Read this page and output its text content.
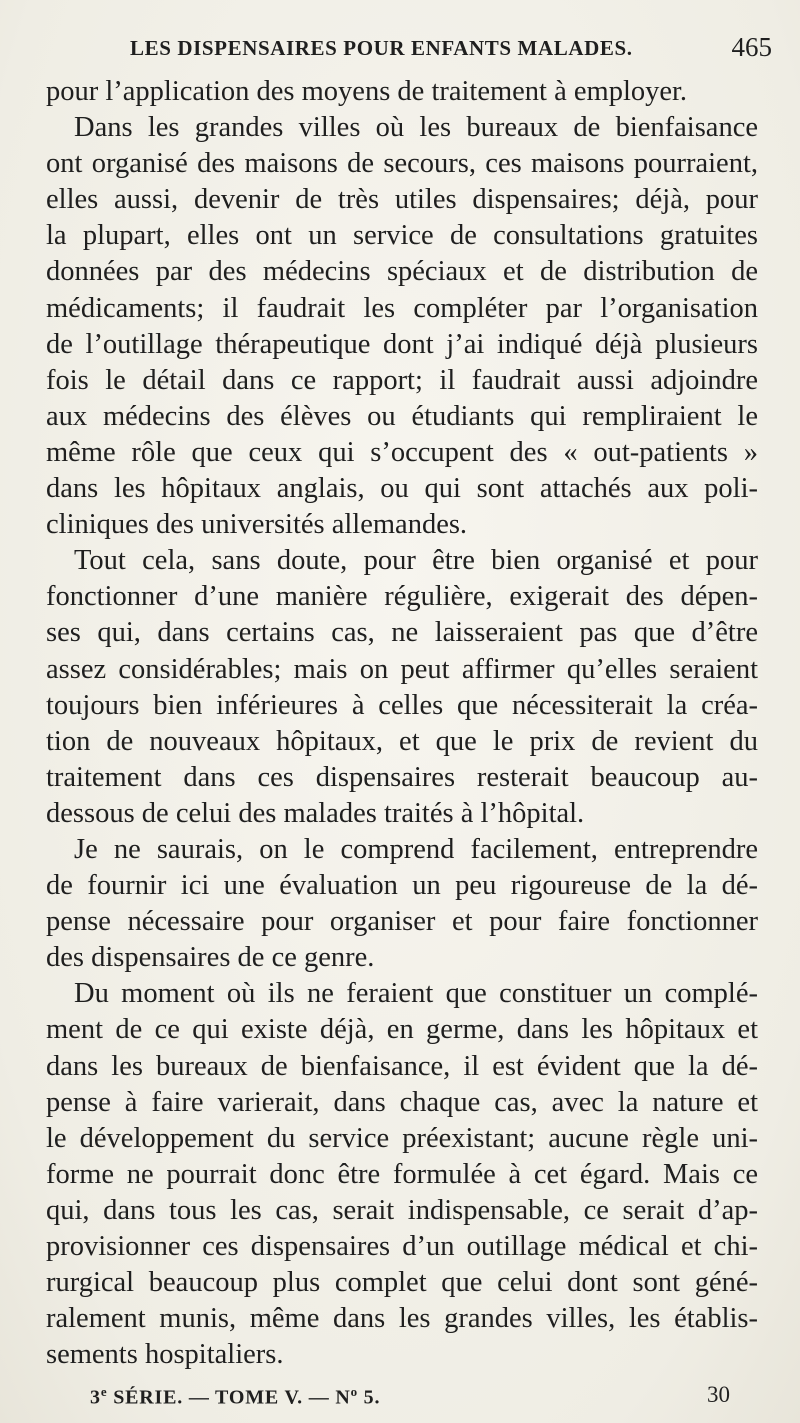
LES DISPENSAIRES POUR ENFANTS MALADES.	465
pour l’application des moyens de traitement à employer.
Dans les grandes villes où les bureaux de bienfaisance
ont organisé des maisons de secours, ces maisons pourraient,
elles aussi, devenir de très utiles dispensaires; déjà, pour
la plupart, elles ont un service de consultations gratuites
données par des médecins spéciaux et de distribution de
médicaments; il faudrait les compléter par l’organisation
de l’outillage thérapeutique dont j’ai indiqué déjà plusieurs
fois le détail dans ce rapport; il faudrait aussi adjoindre
aux médecins des élèves ou étudiants qui rempliraient le
même rôle que ceux qui s’occupent des « out-patients »
dans les hôpitaux anglais, ou qui sont attachés aux poli-
cliniques des universités allemandes.
Tout cela, sans doute, pour être bien organisé et pour
fonctionner d’une manière régulière, exigerait des dépen-
ses qui, dans certains cas, ne laisseraient pas que d’être
assez considérables; mais on peut affirmer qu’elles seraient
toujours bien inférieures à celles que nécessiterait la créa-
tion de nouveaux hôpitaux, et que le prix de revient du
traitement dans ces dispensaires resterait beaucoup au-
dessous de celui des malades traités à l’hôpital.
Je ne saurais, on le comprend facilement, entreprendre
de fournir ici une évaluation un peu rigoureuse de la dé-
pense nécessaire pour organiser et pour faire fonctionner
des dispensaires de ce genre.
Du moment où ils ne feraient que constituer un complé-
ment de ce qui existe déjà, en germe, dans les hôpitaux et
dans les bureaux de bienfaisance, il est évident que la dé-
pense à faire varierait, dans chaque cas, avec la nature et
le développement du service préexistant; aucune règle uni-
forme ne pourrait donc être formulée à cet égard. Mais ce
qui, dans tous les cas, serait indispensable, ce serait d’ap-
provisionner ces dispensaires d’un outillage médical et chi-
rurgical beaucoup plus complet que celui dont sont géné-
ralement munis, même dans les grandes villes, les établis-
sements hospitaliers.
3e SÉRIE. — TOME V. — $N^o$ 5.	30
